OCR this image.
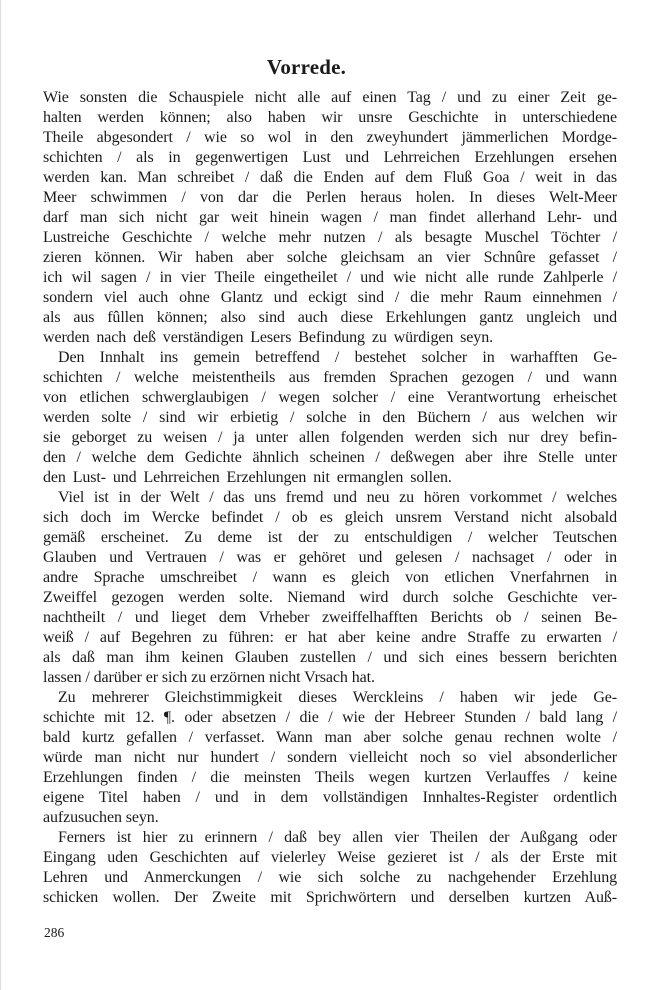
Vorrede.

Wie sonsten die Schauspiele nicht alle auf einen Tag / und zu einer Zeit ge-
halten werden können; also haben wir unsre Geschichte in unterschiedene
Theile abgesondert / wie so wol in den zweyhundert jämmerlichen Mordge-
schichten / als in gegenwertigen Lust und Lehrreichen Erzehlungen ersehen
werden kan. Man schreibet / daß die Enden auf dem Fluß Goa / weit in das
Meer schwimmen / von dar die Perlen heraus holen. In dieses Welt-Meer
darf man sich nicht gar weit hinein wagen / man findet allerhand Lehr- und
Lustreiche Geschichte / welche mehr nutzen / als besagte Muschel Töchter /
zieren können. Wir haben aber solche gleichsam an vier Schnûre gefasset /
ich wil sagen / in vier Theile eingetheilet / und wie nicht alle runde Zahlperle /
sondern viel auch ohne Glantz und eckigt sind / die mehr Raum einnehmen /
als aus fûllen können; also sind auch diese Erkehlungen gantz ungleich und
werden nach deß verständigen Lesers Befindung zu würdigen seyn.

Den Innhalt ins gemein betreffend / bestehet solcher in warhafften Ge-
schichten / welche meistentheils aus fremden Sprachen gezogen / und wann
von etlichen schwerglaubigen / wegen solcher / eine Verantwortung erheischet
werden solte / sind wir erbietig / solche in den Büchern / aus welchen wir
sie geborget zu weisen / ja unter allen folgenden werden sich nur drey befin-
den / welche dem Gedichte ähnlich scheinen / deßwegen aber ihre Stelle unter
den Lust- und Lehrreichen Erzehlungen nit ermanglen sollen.

Viel ist in der Welt / das uns fremd und neu zu hören vorkommet / welches
sich doch im Wercke befindet / ob es gleich unsrem Verstand nicht alsobald
gemäß erscheinet. Zu deme ist der zu entschuldigen / welcher Teutschen
Glauben und Vertrauen / was er gehöret und gelesen / nachsaget / oder in
andre Sprache umschreibet / wann es gleich von etlichen Vnerfahrnen in
Zweiffel gezogen werden solte. Niemand wird durch solche Geschichte ver-
nachtheilt / und lieget dem Vrheber zweiffelhafften Berichts ob / seinen Be-
weiß / auf Begehren zu führen: er hat aber keine andre Straffe zu erwarten /
als daß man ihm keinen Glauben zustellen / und sich eines bessern berichten
lassen / darüber er sich zu erzörnen nicht Vrsach hat.

Zu mehrerer Gleichstimmigkeit dieses Werckleins / haben wir jede Ge-
schichte mit 12. ¶. oder absetzen / die / wie der Hebreer Stunden / bald lang /
bald kurtz gefallen / verfasset. Wann man aber solche genau rechnen wolte /
würde man nicht nur hundert / sondern vielleicht noch so viel absonderlicher
Erzehlungen finden / die meinsten Theils wegen kurtzen Verlauffes / keine
eigene Titel haben / und in dem vollständigen Innhaltes-Register ordentlich
aufzusuchen seyn.

Ferners ist hier zu erinnern / daß bey allen vier Theilen der Außgang oder
Eingang uden Geschichten auf vielerley Weise gezieret ist / als der Erste mit
Lehren und Anmerckungen / wie sich solche zu nachgehender Erzehlung
schicken wollen. Der Zweite mit Sprichwörtern und derselben kurtzen Auß-

286
